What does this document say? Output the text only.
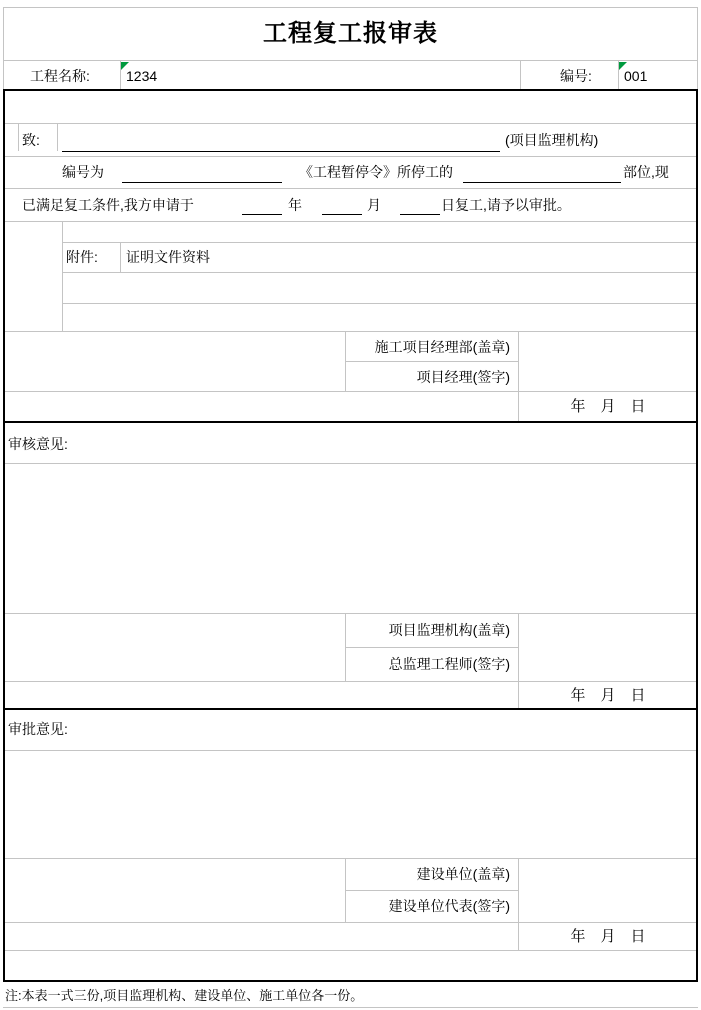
工程复工报审表
工程名称:	1234	编号: 001
致:	(项目监理机构)
编号为	《工程暂停令》所停工的	部位,现
已满足复工条件,我方申请于	年	月	日复工,请予以审批。
附件: 证明文件资料
施工项目经理部(盖章)
项目经理(签字)
年　月　日
审核意见:
项目监理机构(盖章)
总监理工程师(签字)
年　月　日
审批意见:
建设单位(盖章)
建设单位代表(签字)
年　月　日
注:本表一式三份,项目监理机构、建设单位、施工单位各一份。
